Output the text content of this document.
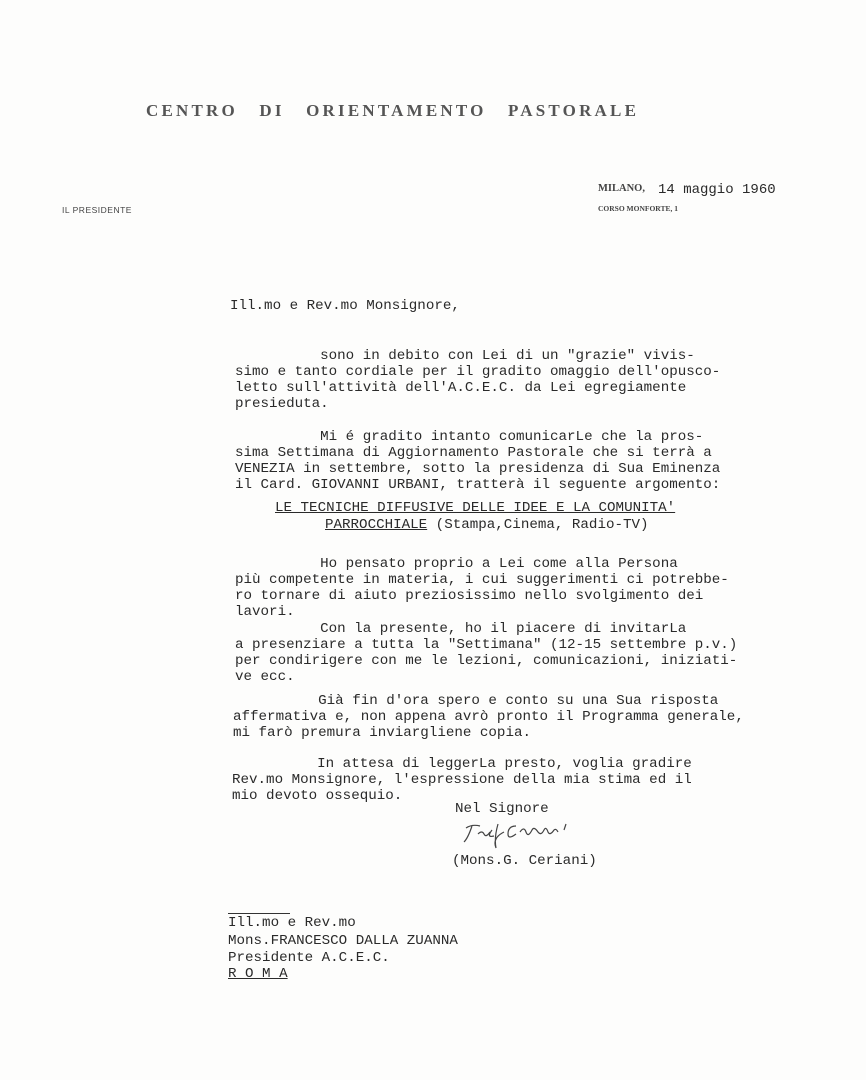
CENTRO DI ORIENTAMENTO PASTORALE
IL PRESIDENTE
MILANO, 14 maggio 1960
CORSO MONFORTE, 1
Ill.mo e Rev.mo Monsignore,
sono in debito con Lei di un "grazie" vivis-
simo e tanto cordiale per il gradito omaggio dell'opusco-
letto sull'attività dell'A.C.E.C. da Lei egregiamente
presieduta.
Mi é gradito intanto comunicarLe che la pros-
sima Settimana di Aggiornamento Pastorale che si terrà a
VENEZIA in settembre, sotto la presidenza di Sua Eminenza
il Card. GIOVANNI URBANI, tratterà il seguente argomento:
LE TECNICHE DIFFUSIVE DELLE IDEE E LA COMUNITA'
PARROCCHIALE (Stampa,Cinema, Radio-TV)
Ho pensato proprio a Lei come alla Persona
più competente in materia, i cui suggerimenti ci potrebbe-
ro tornare di aiuto preziosissimo nello svolgimento dei
lavori.
Con la presente, ho il piacere di invitarLa
a presenziare a tutta la "Settimana" (12-15 settembre p.v.)
per condirigere con me le lezioni, comunicazioni, iniziati-
ve ecc.
Già fin d'ora spero e conto su una Sua risposta
affermativa e, non appena avrò pronto il Programma generale,
mi farò premura inviargliene copia.
In attesa di leggerLa presto, voglia gradire
Rev.mo Monsignore, l'espressione della mia stima ed il
mio devoto ossequio.
Nel Signore
(Mons.G. Ceriani)
Ill.mo e Rev.mo
Mons.FRANCESCO DALLA ZUANNA
Presidente A.C.E.C.
R O M A
